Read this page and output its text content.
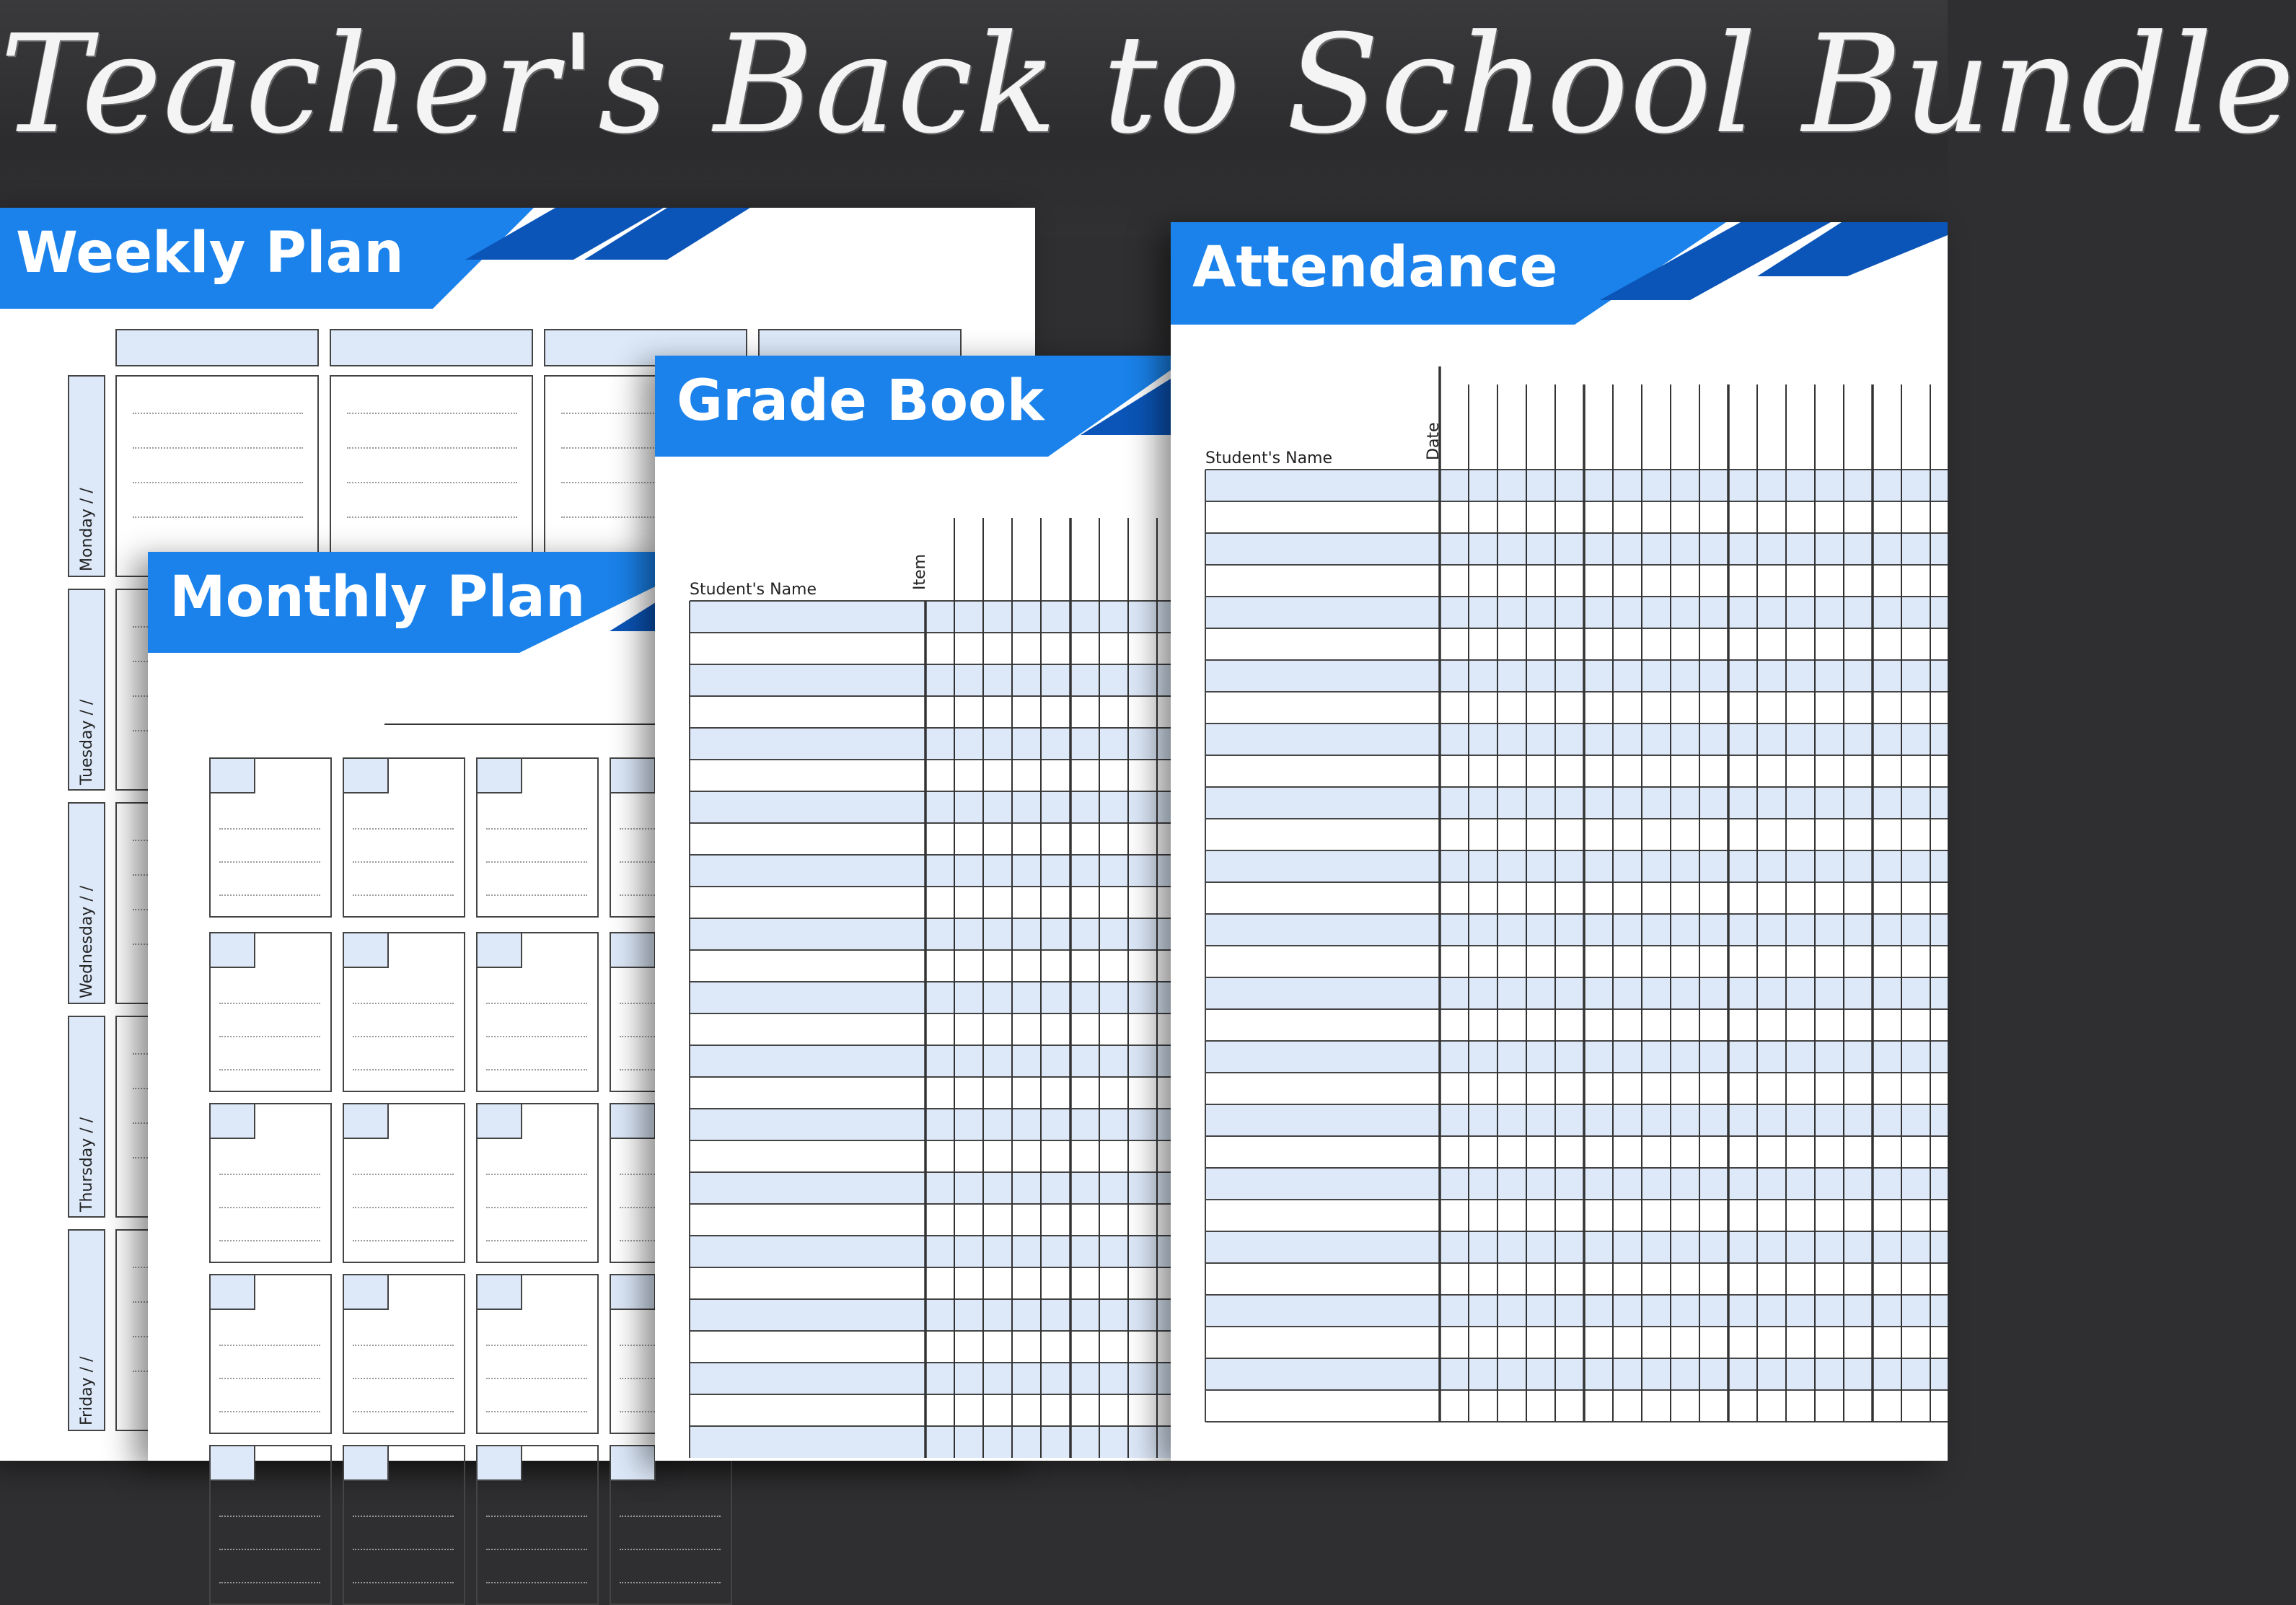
Teacher's Back to School Bundle
Weekly Plan
Monday / /
Tuesday / /
Wednesday / /
Thursday / /
Friday / /
Monthly Plan
Grade Book
Student's Name	Item
Attendance
Student's Name	Date
